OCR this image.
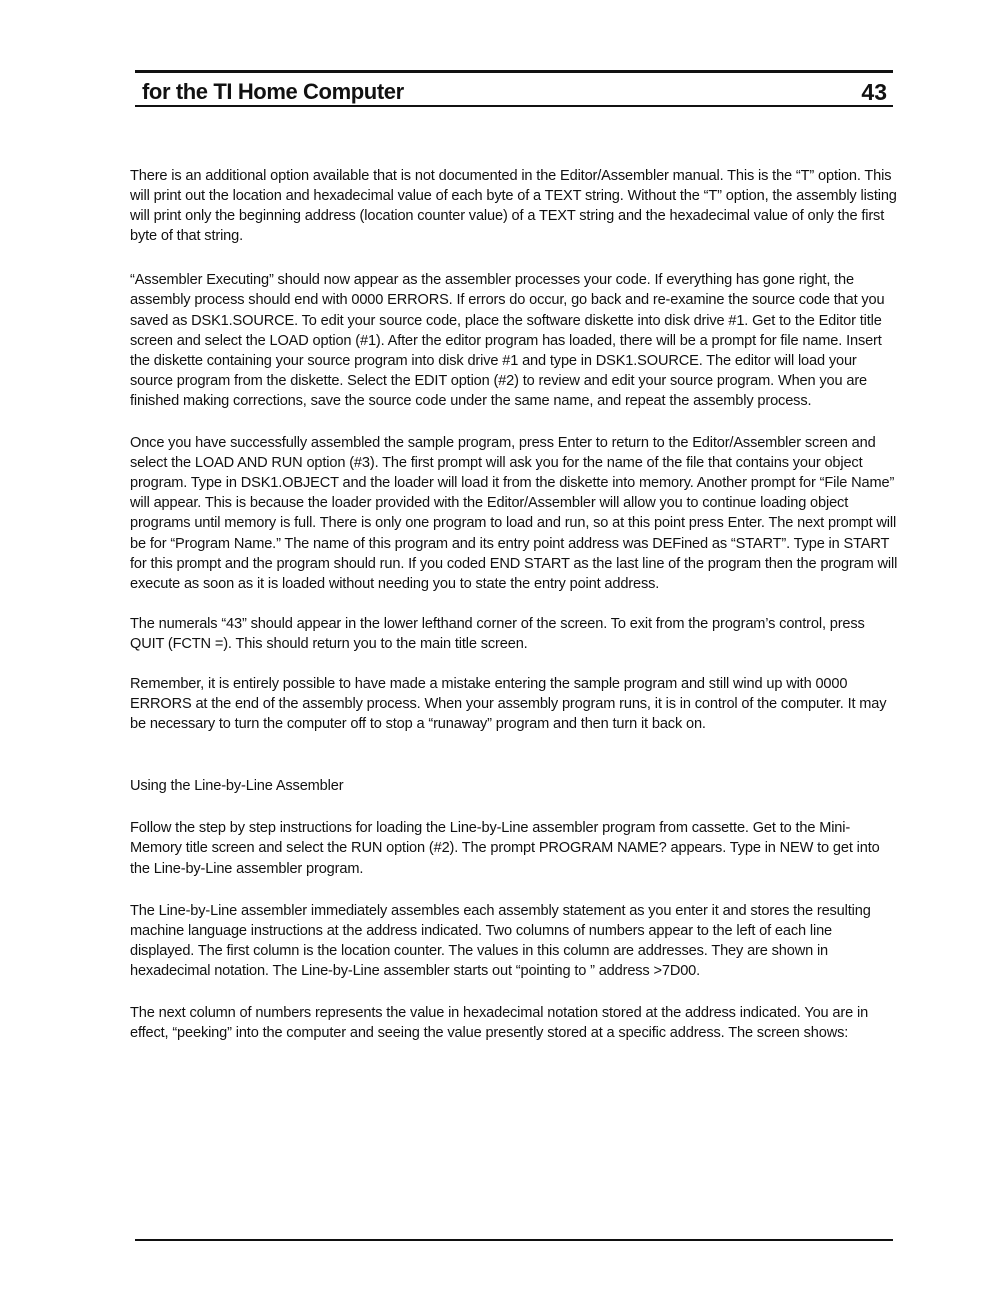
for the TI Home Computer	43

There is an additional option available that is not documented in the Editor/Assembler manual. This is the “T” option. This will print out the location and hexadecimal value of each byte of a TEXT string. Without the “T” option, the assembly listing will print only the beginning address (location counter value) of a TEXT string and the hexadecimal value of only the first byte of that string.

“Assembler Executing” should now appear as the assembler processes your code. If everything has gone right, the assembly process should end with 0000 ERRORS. If errors do occur, go back and re-examine the source code that you saved as DSK1.SOURCE. To edit your source code, place the software diskette into disk drive #1. Get to the Editor title screen and select the LOAD option (#1). After the editor program has loaded, there will be a prompt for file name. Insert the diskette containing your source program into disk drive #1 and type in DSK1.SOURCE. The editor will load your source program from the diskette. Select the EDIT option (#2) to review and edit your source program. When you are finished making corrections, save the source code under the same name, and repeat the assembly process.

Once you have successfully assembled the sample program, press Enter to return to the Editor/Assembler screen and select the LOAD AND RUN option (#3). The first prompt will ask you for the name of the file that contains your object program. Type in DSK1.OBJECT and the loader will load it from the diskette into memory. Another prompt for “File Name” will appear. This is because the loader provided with the Editor/Assembler will allow you to continue loading object programs until memory is full. There is only one program to load and run, so at this point press Enter. The next prompt will be for “Program Name.” The name of this program and its entry point address was DEFined as “START”. Type in START for this prompt and the program should run. If you coded END START as the last line of the program then the program will execute as soon as it is loaded without needing you to state the entry point address.

The numerals “43” should appear in the lower lefthand corner of the screen. To exit from the program’s control, press QUIT (FCTN =). This should return you to the main title screen.

Remember, it is entirely possible to have made a mistake entering the sample program and still wind up with 0000 ERRORS at the end of the assembly process. When your assembly program runs, it is in control of the computer. It may be necessary to turn the computer off to stop a “runaway” program and then turn it back on.

Using the Line-by-Line Assembler

Follow the step by step instructions for loading the Line-by-Line assembler program from cassette. Get to the Mini-Memory title screen and select the RUN option (#2). The prompt PROGRAM NAME? appears. Type in NEW to get into the Line-by-Line assembler program.

The Line-by-Line assembler immediately assembles each assembly statement as you enter it and stores the resulting machine language instructions at the address indicated. Two columns of numbers appear to the left of each line displayed. The first column is the location counter. The values in this column are addresses. They are shown in hexadecimal notation. The Line-by-Line assembler starts out “pointing to ” address >7D00.

The next column of numbers represents the value in hexadecimal notation stored at the address indicated. You are in effect, “peeking” into the computer and seeing the value presently stored at a specific address. The screen shows:
